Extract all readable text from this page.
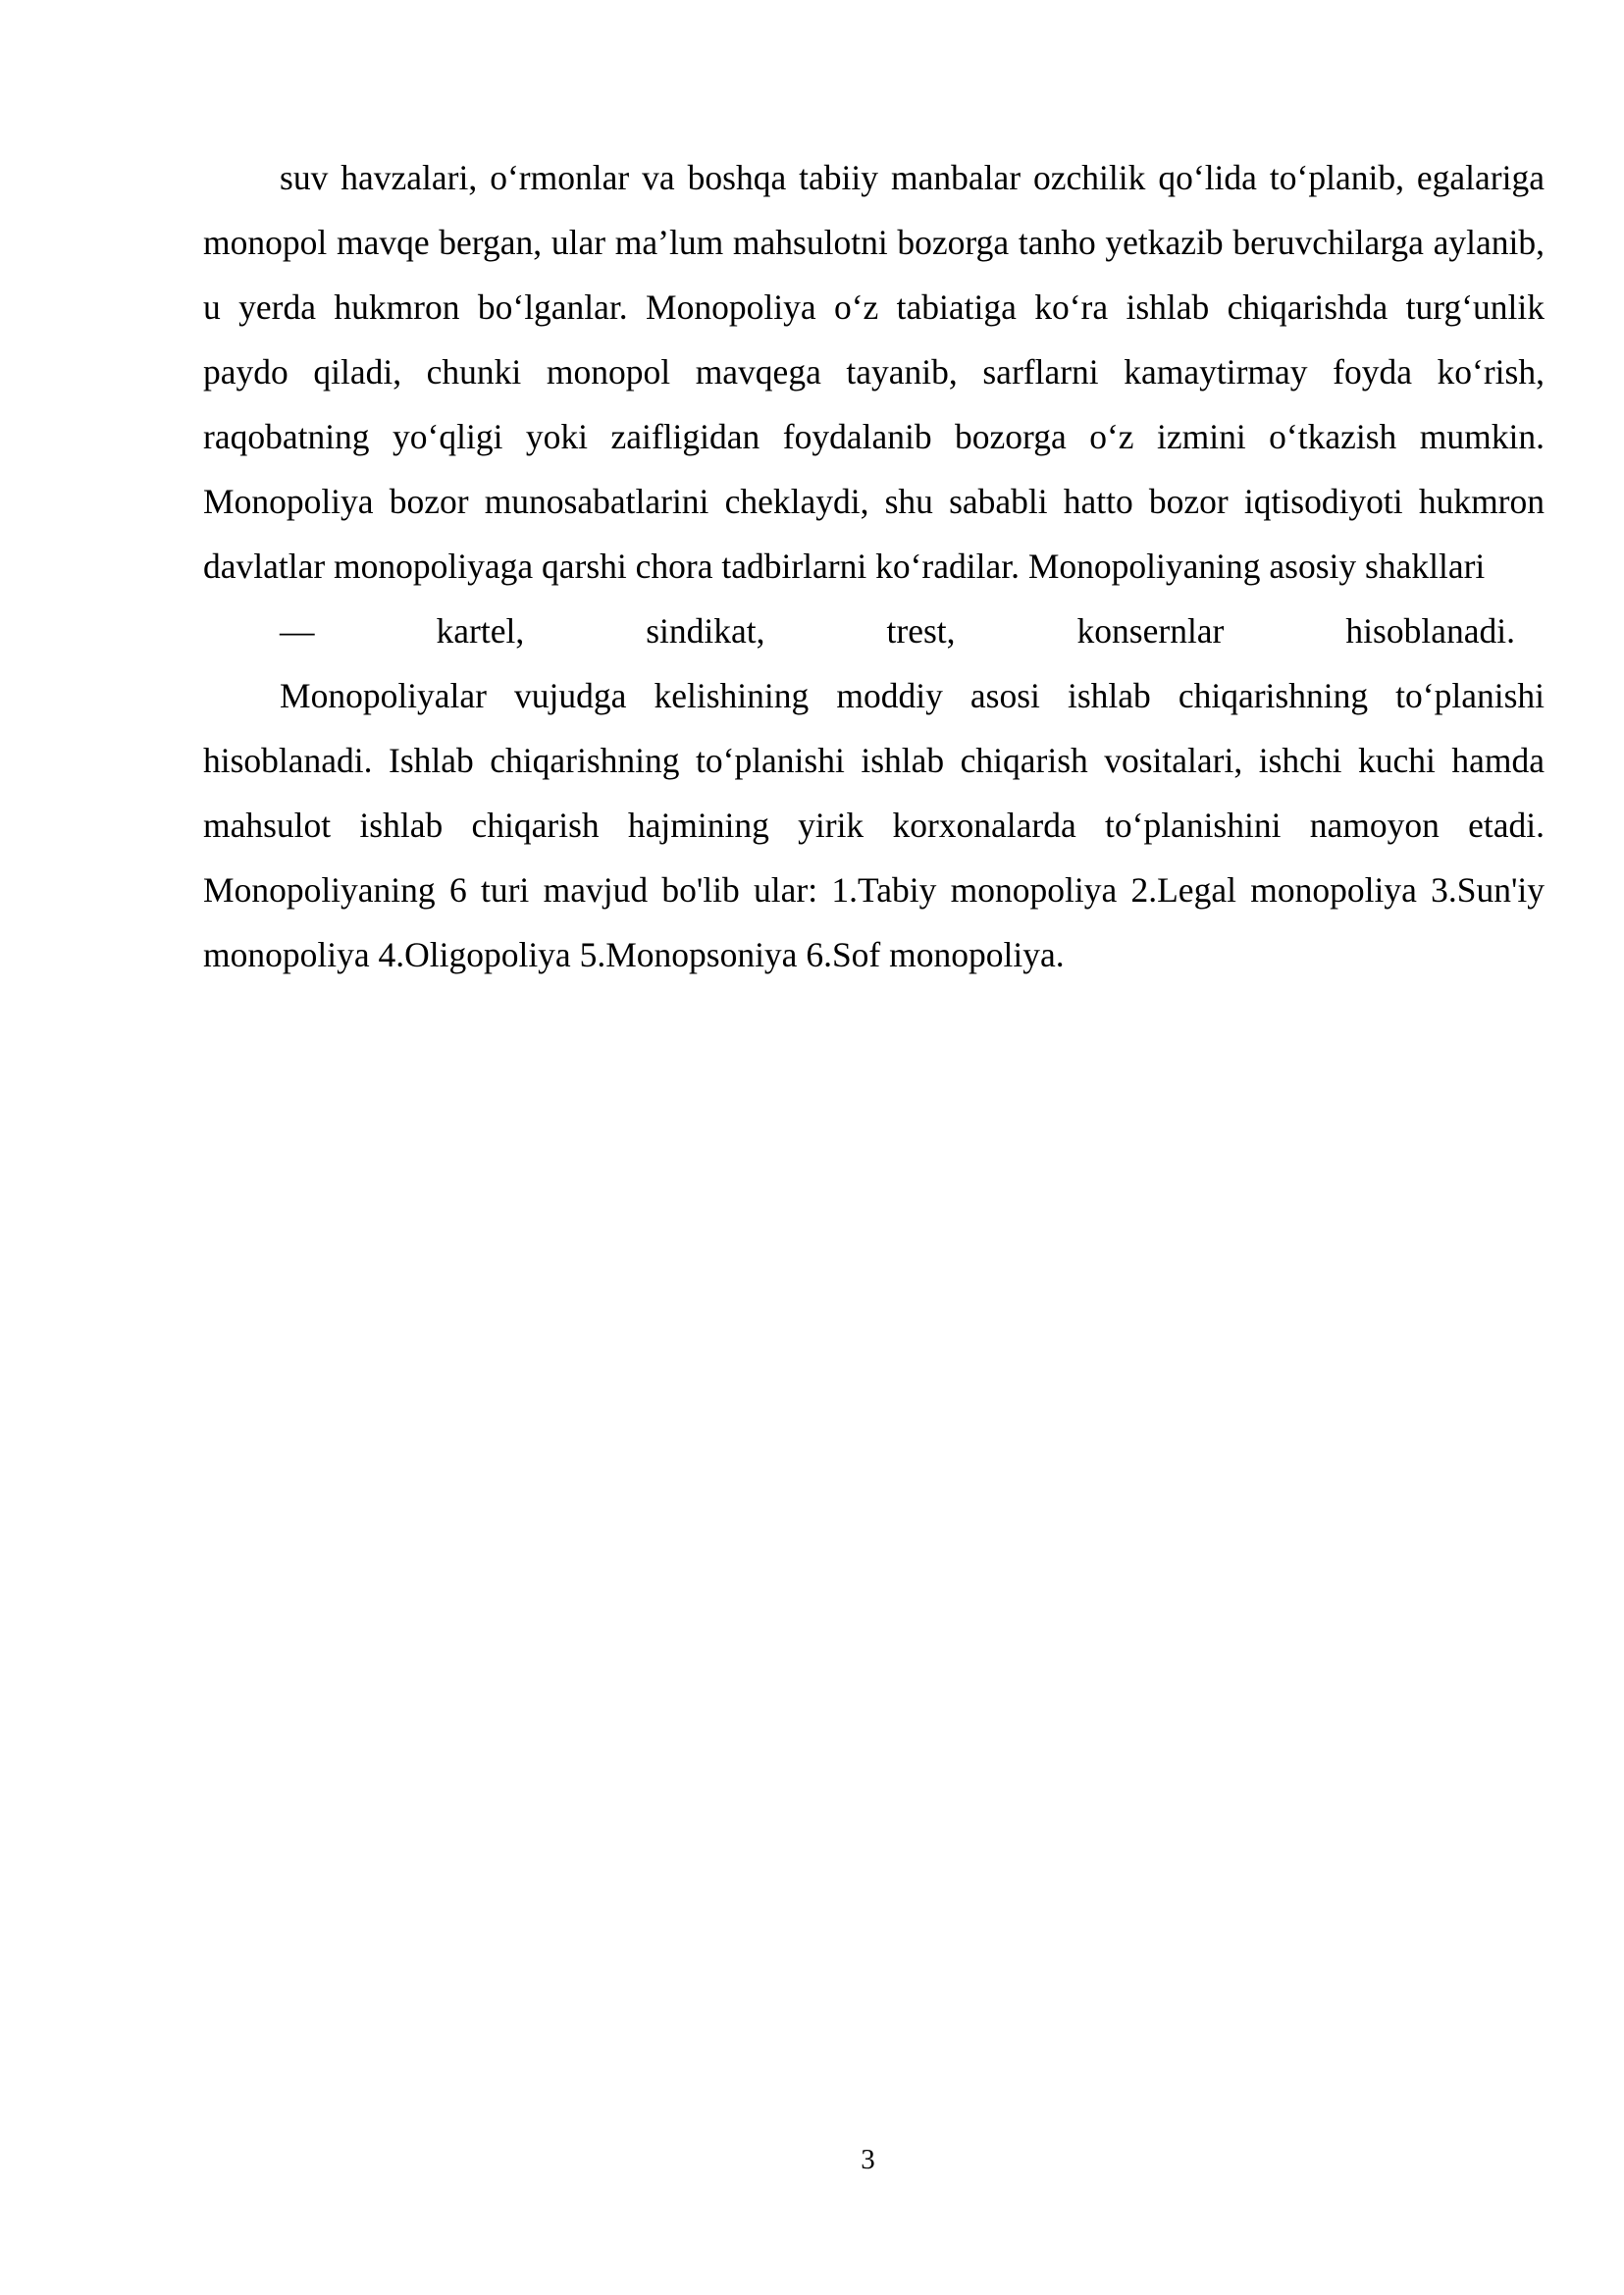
suv havzalari, o‘rmonlar va boshqa tabiiy manbalar ozchilik qo‘lida to‘planib, egalariga monopol mavqe bergan, ular ma’lum mahsulotni bozorga tanho yetkazib beruvchilarga aylanib, u yerda hukmron bo‘lganlar. Monopoliya o‘z tabiatiga ko‘ra ishlab chiqarishda turg‘unlik paydo qiladi, chunki monopol mavqega tayanib, sarflarni kamaytirmay foyda ko‘rish, raqobatning yo‘qligi yoki zaifligidan foydalanib bozorga o‘z izmini o‘tkazish mumkin. Monopoliya bozor munosabatlarini cheklaydi, shu sababli hatto bozor iqtisodiyoti hukmron davlatlar monopoliyaga qarshi chora tadbirlarni ko‘radilar. Monopoliyaning asosiy shakllari

—	kartel,	sindikat,	trest,	konsernlar	hisoblanadi.

Monopoliyalar vujudga kelishining moddiy asosi ishlab chiqarishning to‘planishi hisoblanadi. Ishlab chiqarishning to‘planishi ishlab chiqarish vositalari, ishchi kuchi hamda mahsulot ishlab chiqarish hajmining yirik korxonalarda to‘planishini namoyon etadi. Monopoliyaning 6 turi mavjud bo'lib ular: 1.Tabiy monopoliya 2.Legal monopoliya 3.Sun'iy monopoliya 4.Oligopoliya 5.Monopsoniya 6.Sof monopoliya.

3
